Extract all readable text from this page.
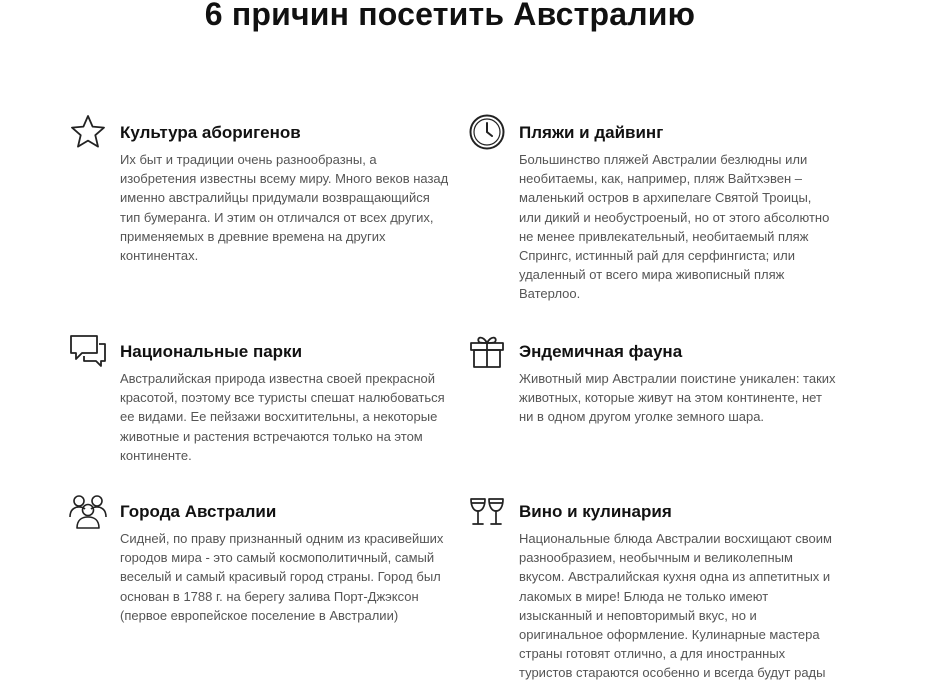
6 причин посетить Австралию
Культура аборигенов

Их быт и традиции очень разнообразны, а изобретения известны всему миру. Много веков назад именно австралийцы придумали возвращающийся тип бумеранга. И этим он отличался от всех других, применяемых в древние времена на других континентах.

Пляжи и дайвинг

Большинство пляжей Австралии безлюдны или необитаемы, как, например, пляж Вайтхэвен – маленький остров в архипелаге Святой Троицы, или дикий и необустроеный, но от этого абсолютно не менее привлекательный, необитаемый пляж Спрингс, истинный рай для серфингиста; или удаленный от всего мира живописный пляж Ватерлоо.

Национальные парки

Австралийская природа известна своей прекрасной красотой, поэтому все туристы спешат налюбоваться ее видами. Ее пейзажи восхитительны, а некоторые животные и растения встречаются только на этом континенте.

Эндемичная фауна

Животный мир Австралии поистине уникален: таких животных, которые живут на этом континенте, нет ни в одном другом уголке земного шара.

Города Австралии

Сидней, по праву признанный одним из красивейших городов мира - это самый космополитичный, самый веселый и самый красивый город страны. Город был основан в 1788 г. на берегу залива Порт-Джэксон (первое европейское поселение в Австралии)

Вино и кулинария

Национальные блюда Австралии восхищают своим разнообразием, необычным и великолепным вкусом. Австралийская кухня одна из аппетитных и лакомых в мире! Блюда не только имеют изысканный и неповторимый вкус, но и оригинальное оформление. Кулинарные мастера страны готовят отлично, а для иностранных туристов стараются особенно и всегда будут рады
